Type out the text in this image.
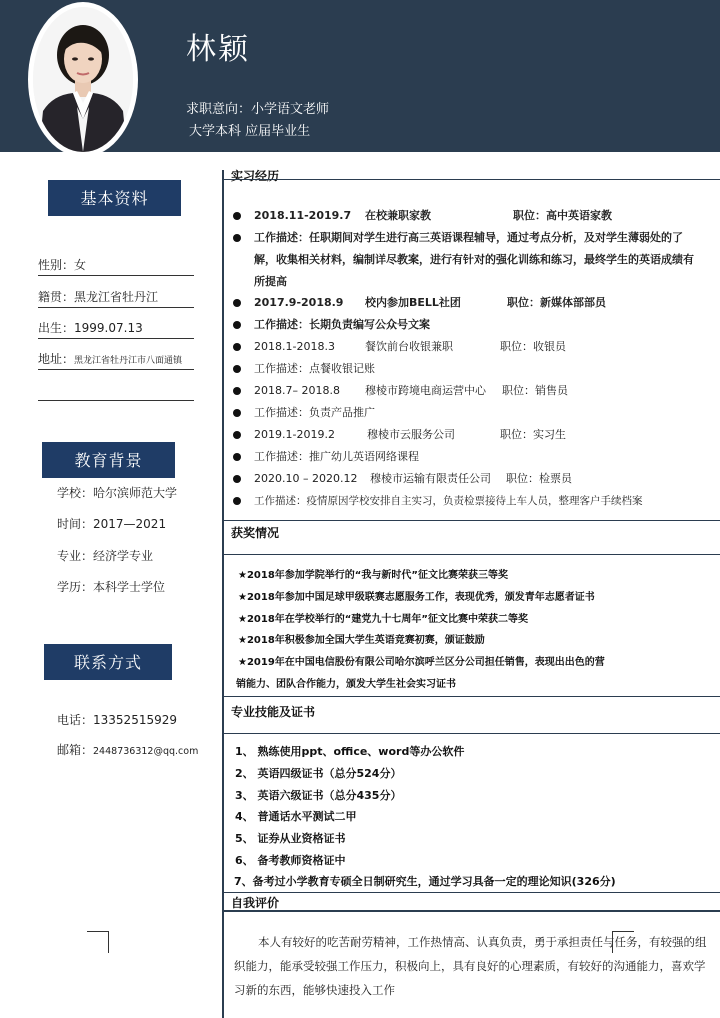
林颖
求职意向：小学语文老师
大学本科 应届毕业生
基本资料
性别：女
籍贯：黑龙江省牡丹江
出生：1999.07.13
地址：黑龙江省牡丹江市八面通镇
教育背景
学校：哈尔滨师范大学
时间：2017—2021
专业：经济学专业
学历：本科学士学位
联系方式
电话：13352515929
邮箱：2448736312@qq.com
实习经历
2018.11-2019.7 在校兼职家教	职位：高中英语家教
工作描述：任职期间对学生进行高三英语课程辅导，通过考点分析，及对学生薄弱处的了解，收集相关材料，编制详尽教案，进行有针对的强化训练和练习，最终学生的英语成绩有所提高
2017.9-2018.9 校内参加BELL社团	职位：新媒体部部员
工作描述：长期负责编写公众号文案
2018.1-2018.3	餐饮前台收银兼职	职位：收银员
工作描述：点餐收银记账
2018.7– 2018.8 穆棱市跨境电商运营中心 职位：销售员
工作描述：负责产品推广
2019.1-2019.2	穆棱市云服务公司	职位：实习生
工作描述：推广幼儿英语网络课程
2020.10 – 2020.12 穆棱市运输有限责任公司 职位：检票员
工作描述：疫情原因学校安排自主实习，负责检票接待上车人员，整理客户手续档案
获奖情况
★2018年参加学院举行的“我与新时代”征文比赛荣获三等奖
★2018年参加中国足球甲级联赛志愿服务工作，表现优秀，颁发青年志愿者证书
★2018年在学校举行的“建党九十七周年”征文比赛中荣获二等奖
★2018年积极参加全国大学生英语竞赛初赛，颁证鼓励
★2019年在中国电信股份有限公司哈尔滨呼兰区分公司担任销售，表现出出色的营
销能力、团队合作能力，颁发大学生社会实习证书
专业技能及证书
1、 熟练使用ppt、office、word等办公软件
2、 英语四级证书（总分524分）
3、 英语六级证书（总分435分）
4、 普通话水平测试二甲
5、 证券从业资格证书
6、 备考教师资格证中
7、备考过小学教育专硕全日制研究生，通过学习具备一定的理论知识(326分)
自我评价
本人有较好的吃苦耐劳精神，工作热情高、认真负责，勇于承担责任与任务，有较强的组织能力，能承受较强工作压力，积极向上，具有良好的心理素质，有较好的沟通能力，喜欢学习新的东西，能够快速投入工作
